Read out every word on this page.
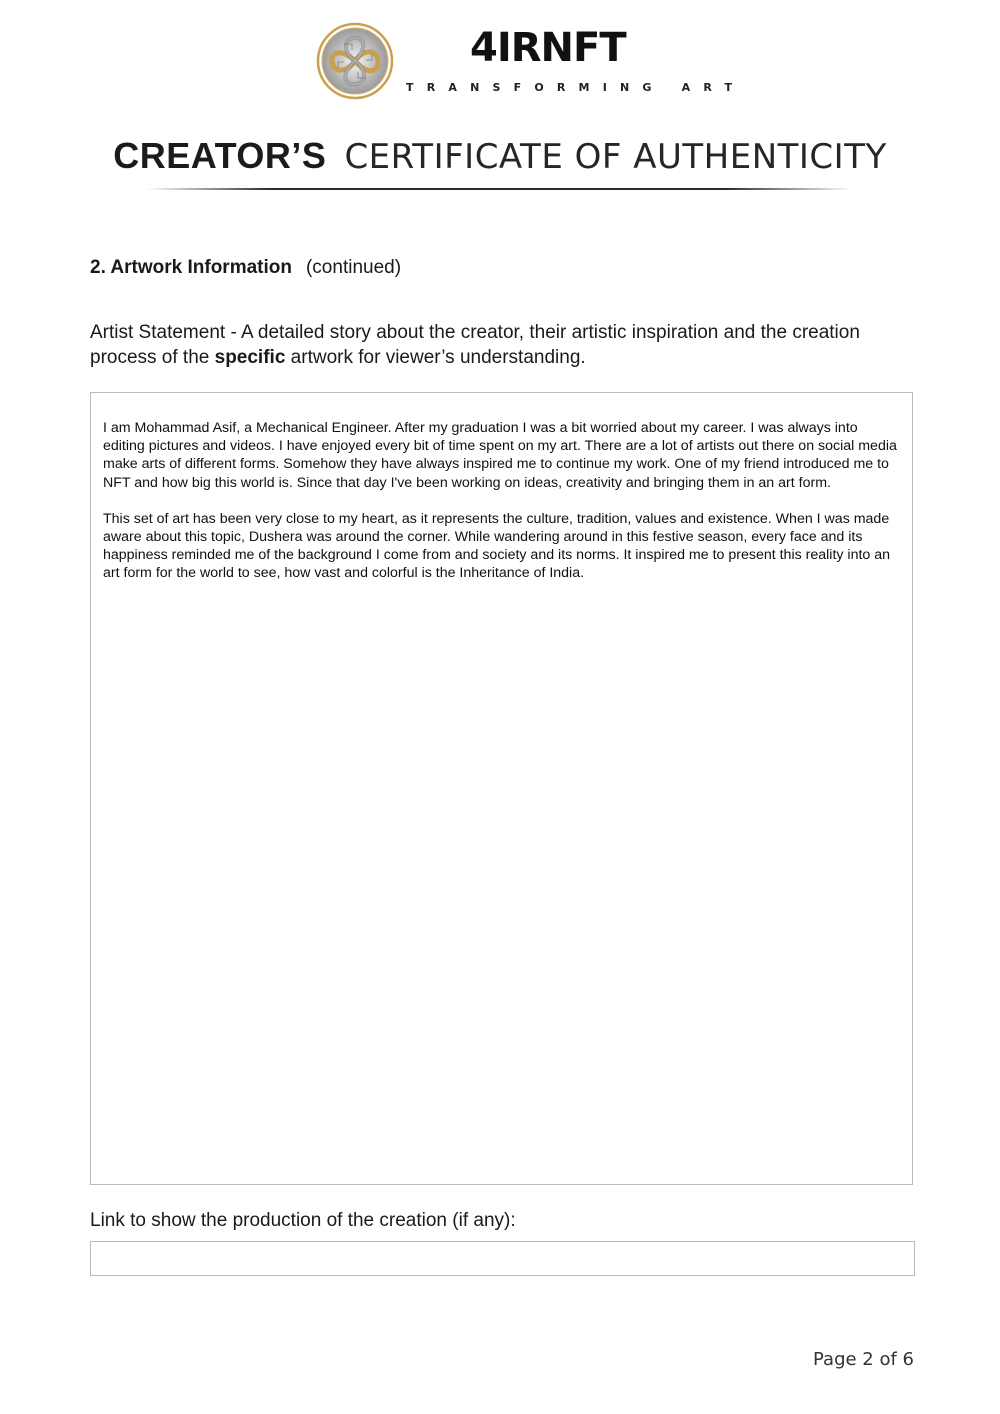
4IRNFT
TRANSFORMING ART
CREATOR’S CERTIFICATE OF AUTHENTICITY
2. Artwork Information (continued)
Artist Statement - A detailed story about the creator, their artistic inspiration and the creation process of the specific artwork for viewer’s understanding.

I am Mohammad Asif, a Mechanical Engineer. After my graduation I was a bit worried about my career. I was always into editing pictures and videos. I have enjoyed every bit of time spent on my art. There are a lot of artists out there on social media make arts of different forms. Somehow they have always inspired me to continue my work. One of my friend introduced me to NFT and how big this world is. Since that day I've been working on ideas, creativity and bringing them in an art form.

This set of art has been very close to my heart, as it represents the culture, tradition, values and existence. When I was made aware about this topic, Dushera was around the corner. While wandering around in this festive season, every face and its happiness reminded me of the background I come from and society and its norms. It inspired me to present this reality into an art form for the world to see, how vast and colorful is the Inheritance of India.

Link to show the production of the creation (if any):
Page 2 of 6
